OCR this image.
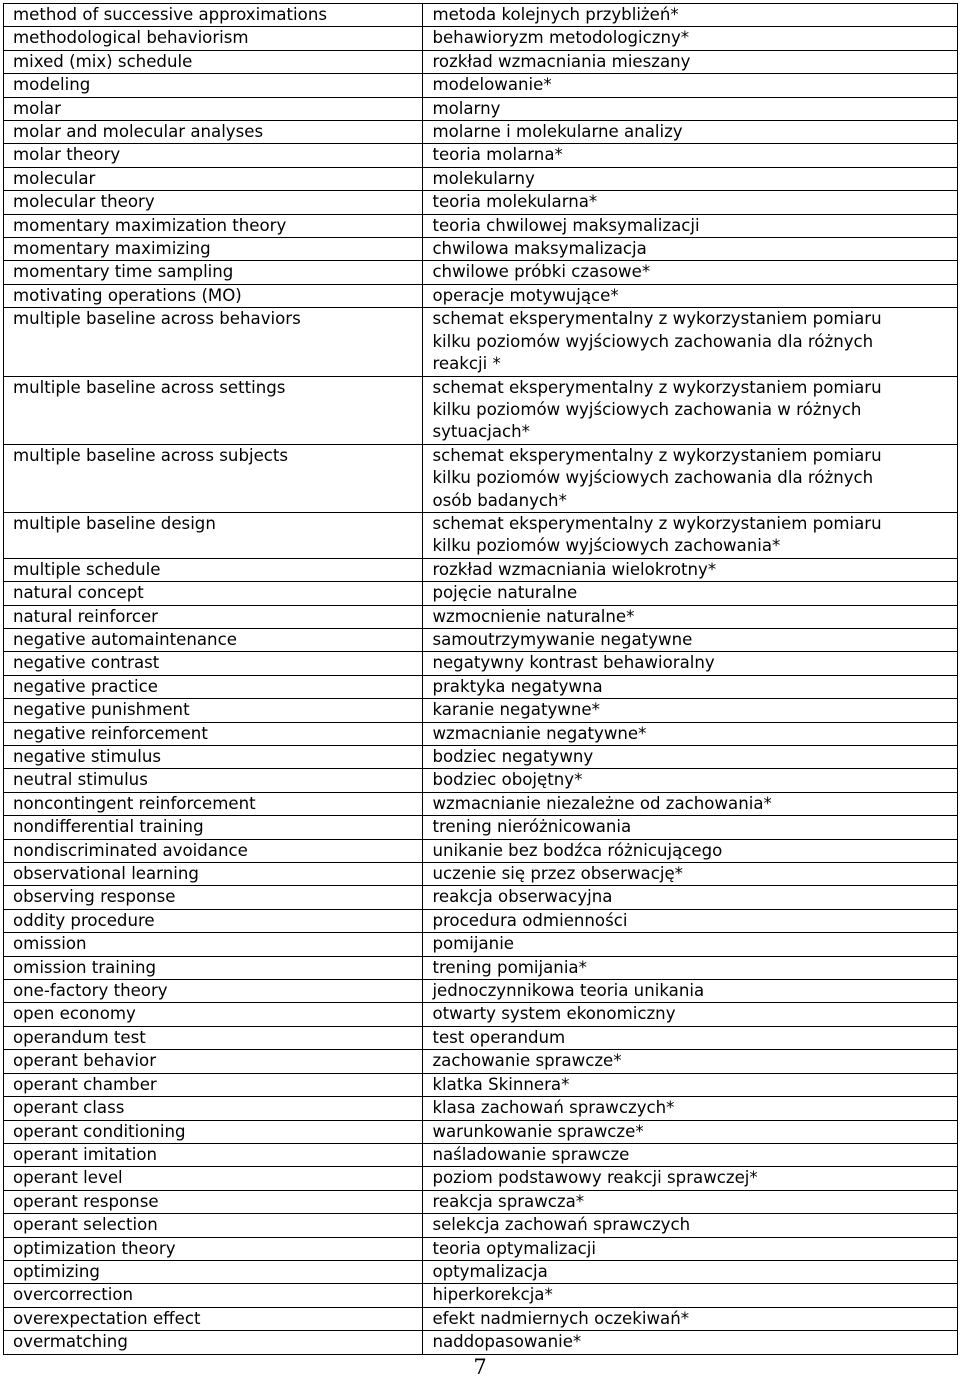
method of successive approximations	metoda kolejnych przybliżeń*

methodological behaviorism	behawioryzm metodologiczny*

mixed (mix) schedule	rozkład wzmacniania mieszany

modeling	modelowanie*

molar	molarny

molar and molecular analyses	molarne i molekularne analizy

molar theory	teoria molarna*

molecular	molekularny

molecular theory	teoria molekularna*

momentary maximization theory	teoria chwilowej maksymalizacji

momentary maximizing	chwilowa maksymalizacja

momentary time sampling	chwilowe próbki czasowe*

motivating operations (MO)	operacje motywujące*

multiple baseline across behaviors	schemat eksperymentalny z wykorzystaniem pomiaru
kilku poziomów wyjściowych zachowania dla różnych
reakcji *

multiple baseline across settings	schemat eksperymentalny z wykorzystaniem pomiaru
kilku poziomów wyjściowych zachowania w różnych
sytuacjach*

multiple baseline across subjects	schemat eksperymentalny z wykorzystaniem pomiaru
kilku poziomów wyjściowych zachowania dla różnych
osób badanych*

multiple baseline design	schemat eksperymentalny z wykorzystaniem pomiaru
kilku poziomów wyjściowych zachowania*

multiple schedule	rozkład wzmacniania wielokrotny*

natural concept	pojęcie naturalne

natural reinforcer	wzmocnienie naturalne*

negative automaintenance	samoutrzymywanie negatywne

negative contrast	negatywny kontrast behawioralny

negative practice	praktyka negatywna

negative punishment	karanie negatywne*

negative reinforcement	wzmacnianie negatywne*

negative stimulus	bodziec negatywny

neutral stimulus	bodziec obojętny*

noncontingent reinforcement	wzmacnianie niezależne od zachowania*

nondifferential training	trening nieróżnicowania

nondiscriminated avoidance	unikanie bez bodźca różnicującego

observational learning	uczenie się przez obserwację*

observing response	reakcja obserwacyjna

oddity procedure	procedura odmienności

omission	pomijanie

omission training	trening pomijania*

one-factory theory	jednoczynnikowa teoria unikania

open economy	otwarty system ekonomiczny

operandum test	test operandum

operant behavior	zachowanie sprawcze*

operant chamber	klatka Skinnera*

operant class	klasa zachowań sprawczych*

operant conditioning	warunkowanie sprawcze*

operant imitation	naśladowanie sprawcze

operant level	poziom podstawowy reakcji sprawczej*

operant response	reakcja sprawcza*

operant selection	selekcja zachowań sprawczych

optimization theory	teoria optymalizacji

optimizing	optymalizacja

overcorrection	hiperkorekcja*

overexpectation effect	efekt nadmiernych oczekiwań*

overmatching	naddopasowanie*
7
